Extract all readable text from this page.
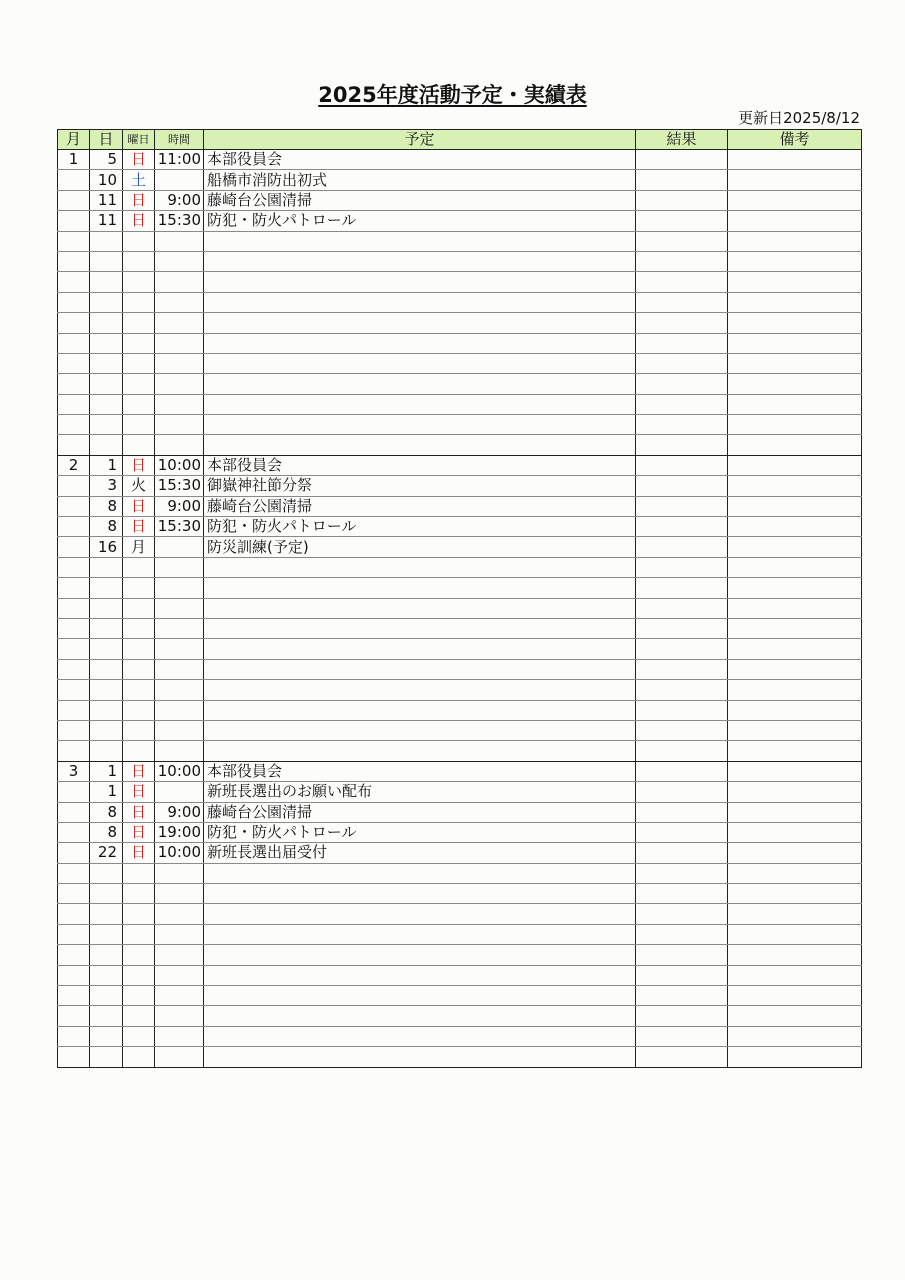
2025年度活動予定・実績表
更新日2025/8/12
月	日	曜日	時間	予定	結果	備考
1	5	日	11:00	本部役員会		
	10	土		船橋市消防出初式		
	11	日	9:00	藤崎台公園清掃		
	11	日	15:30	防犯・防火パトロール		

2	1	日	10:00	本部役員会		
	3	火	15:30	御嶽神社節分祭		
	8	日	9:00	藤崎台公園清掃		
	8	日	15:30	防犯・防火パトロール		
	16	月		防災訓練(予定)		

3	1	日	10:00	本部役員会		
	1	日		新班長選出のお願い配布		
	8	日	9:00	藤崎台公園清掃		
	8	日	19:00	防犯・防火パトロール		
	22	日	10:00	新班長選出届受付		
